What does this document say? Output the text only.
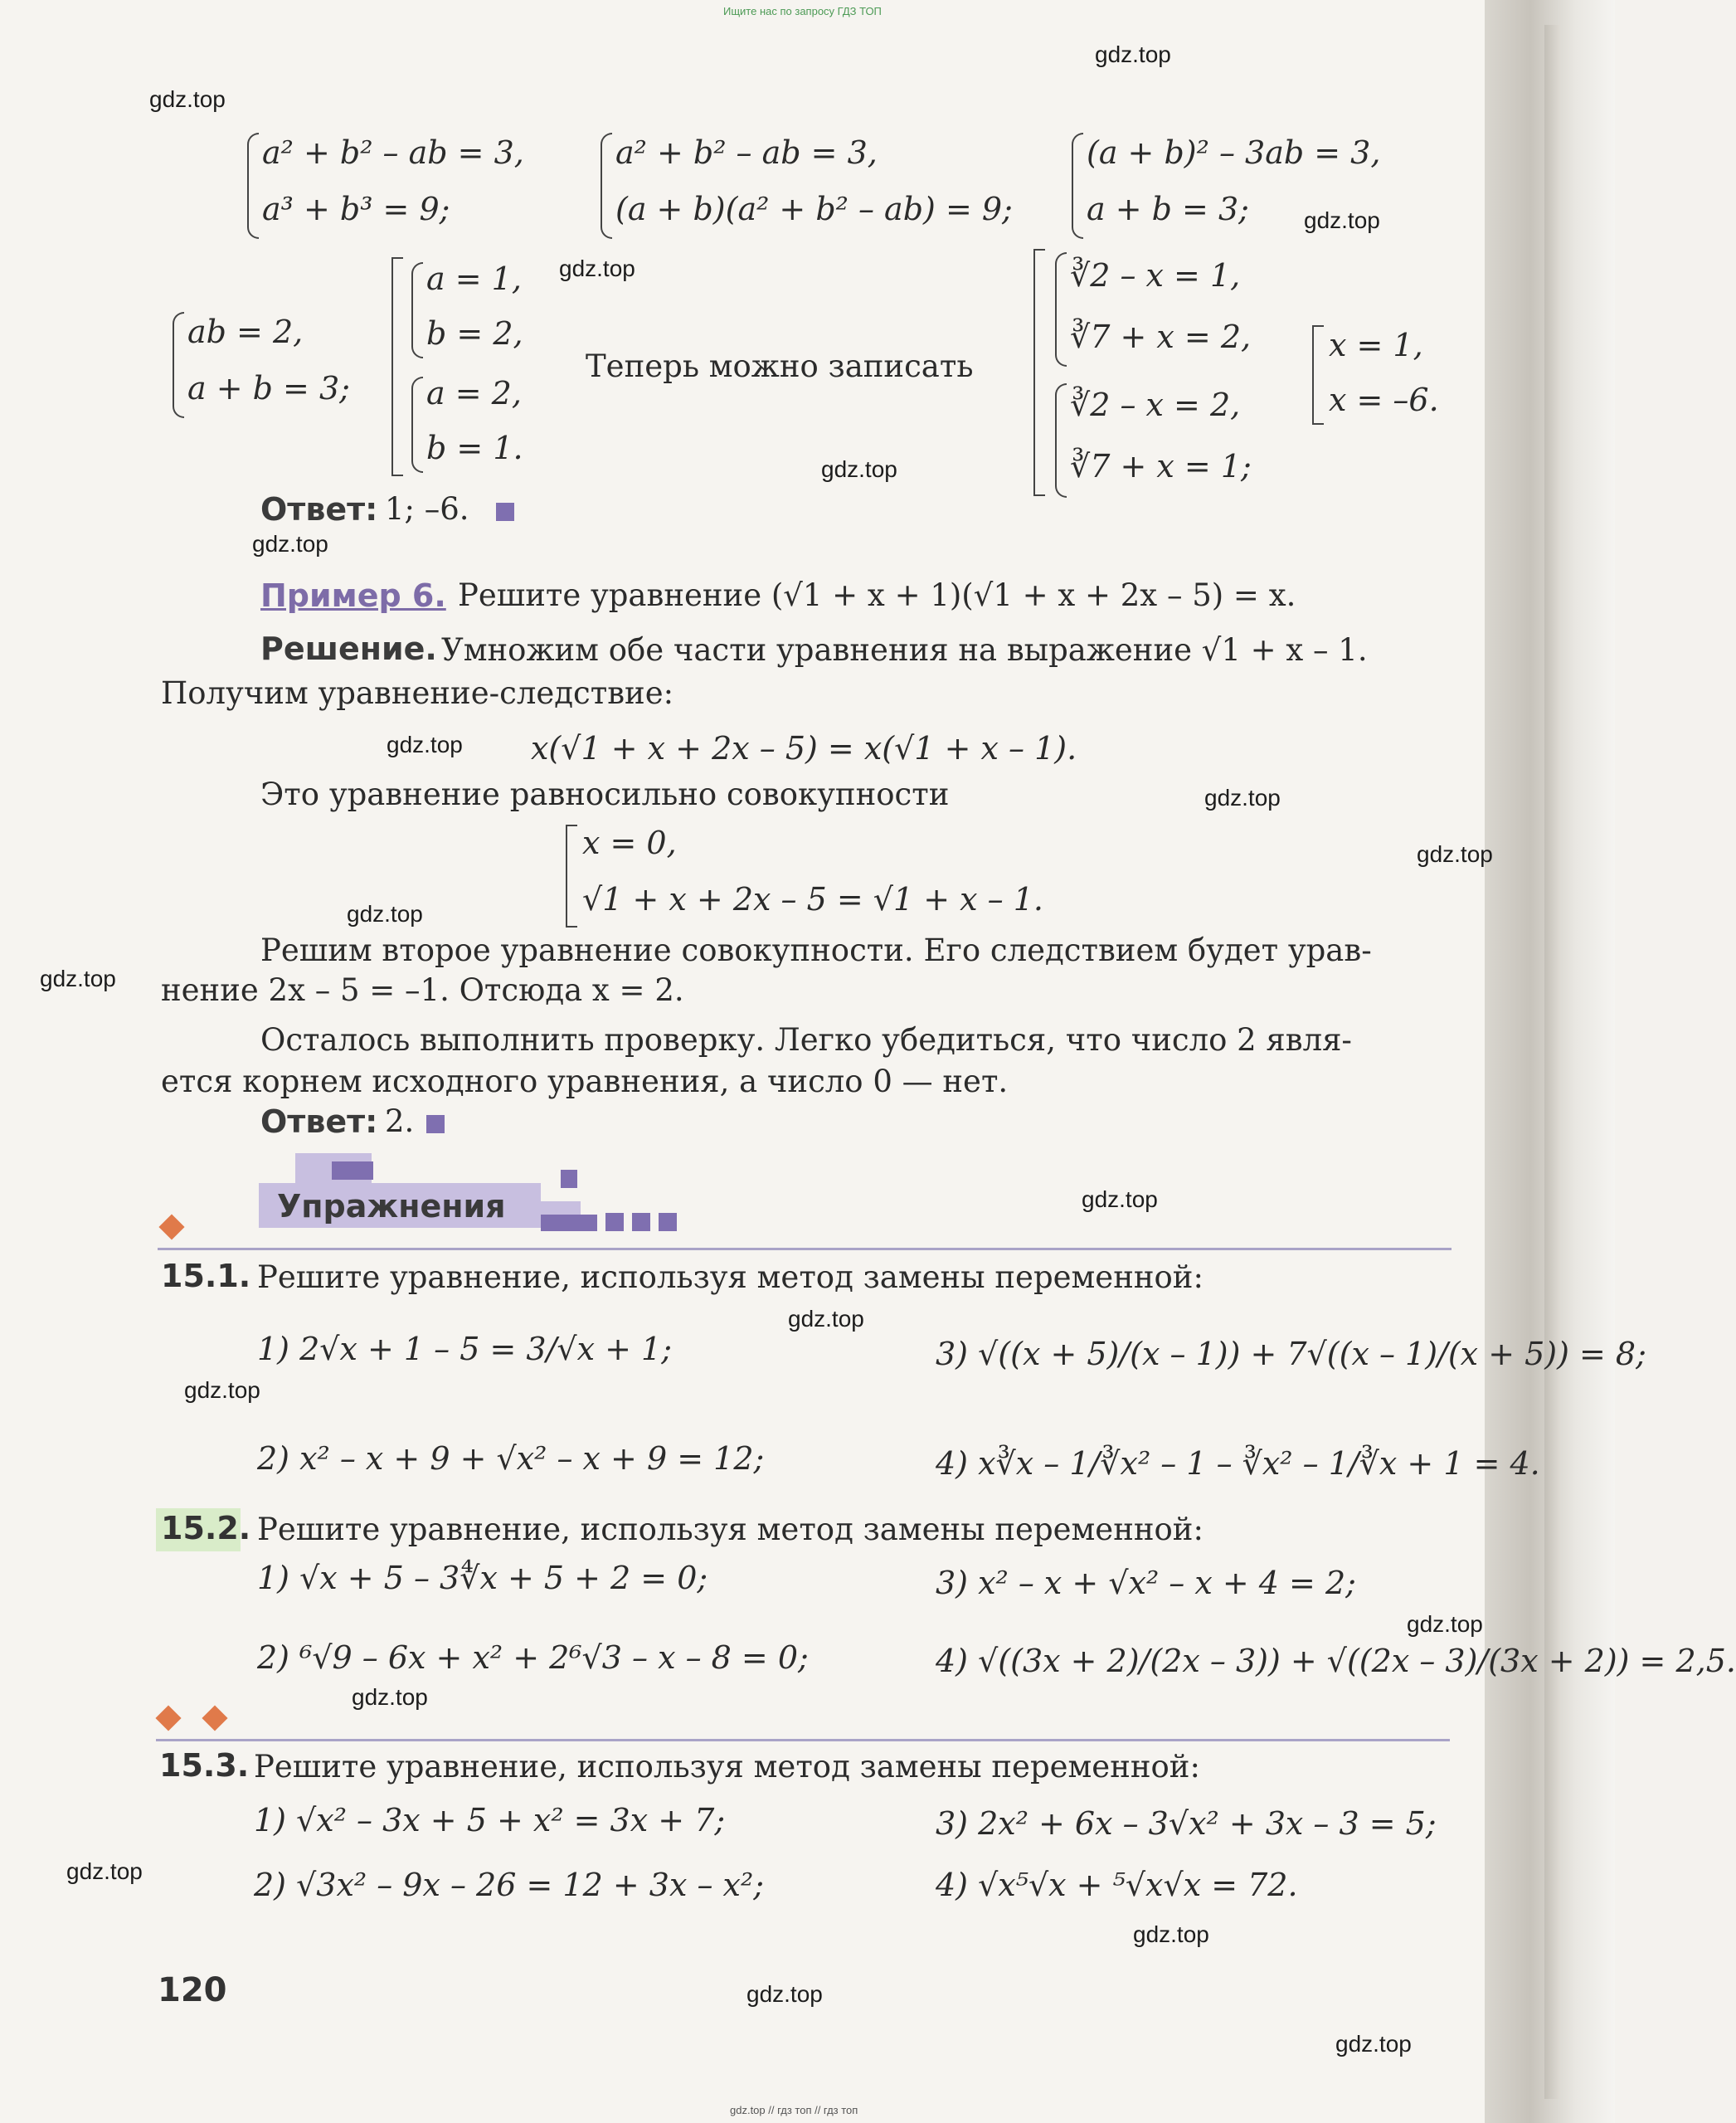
Ищите нас по запросу ГДЗ ТОП
gdz.top
gdz.top
gdz.top
gdz.top
gdz.top
gdz.top
gdz.top
gdz.top
gdz.top
gdz.top
gdz.top
gdz.top
gdz.top
gdz.top
gdz.top
gdz.top
gdz.top
gdz.top
gdz.top
gdz.top
a² + b² – ab = 3,
a³ + b³ = 9;
a² + b² – ab = 3,
(a + b)(a² + b² – ab) = 9;
(a + b)² – 3ab = 3,
a + b = 3;
ab = 2,
a + b = 3;
a = 1,
b = 2,
a = 2,
b = 1.
Теперь можно записать
∛2 – x = 1,
∛7 + x = 2,
∛2 – x = 2,
∛7 + x = 1;
x = 1,
x = –6.
Ответ: 1; –6.
Пример 6. Решите уравнение (√1 + x + 1)(√1 + x + 2x – 5) = x.
Решение. Умножим обе части уравнения на выражение √1 + x – 1.
Получим уравнение-следствие:
x(√1 + x + 2x – 5) = x(√1 + x – 1).
Это уравнение равносильно совокупности
x = 0,
√1 + x + 2x – 5 = √1 + x – 1.
Решим второе уравнение совокупности. Его следствием будет урав-
нение 2x – 5 = –1. Отсюда x = 2.
Осталось выполнить проверку. Легко убедиться, что число 2 явля-
ется корнем исходного уравнения, а число 0 — нет.
Ответ: 2.
Упражнения
15.1. Решите уравнение, используя метод замены переменной:
1) 2√x + 1 – 5 = 3/√x + 1;	3) √((x + 5)/(x – 1)) + 7√((x – 1)/(x + 5)) = 8;
2) x² – x + 9 + √x² – x + 9 = 12;	4) x∛x – 1/∛x² – 1 – ∛x² – 1/∛x + 1 = 4.
15.2. Решите уравнение, используя метод замены переменной:
1) √x + 5 – 3∜x + 5 + 2 = 0;	3) x² – x + √x² – x + 4 = 2;
2) ⁶√9 – 6x + x² + 2⁶√3 – x – 8 = 0;	4) √((3x + 2)/(2x – 3)) + √((2x – 3)/(3x + 2)) = 2,5.
15.3. Решите уравнение, используя метод замены переменной:
1) √x² – 3x + 5 + x² = 3x + 7;	3) 2x² + 6x – 3√x² + 3x – 3 = 5;
2) √3x² – 9x – 26 = 12 + 3x – x²;	4) √x⁵√x + ⁵√x√x = 72.
120
gdz.top // гдз топ // гдз топ
